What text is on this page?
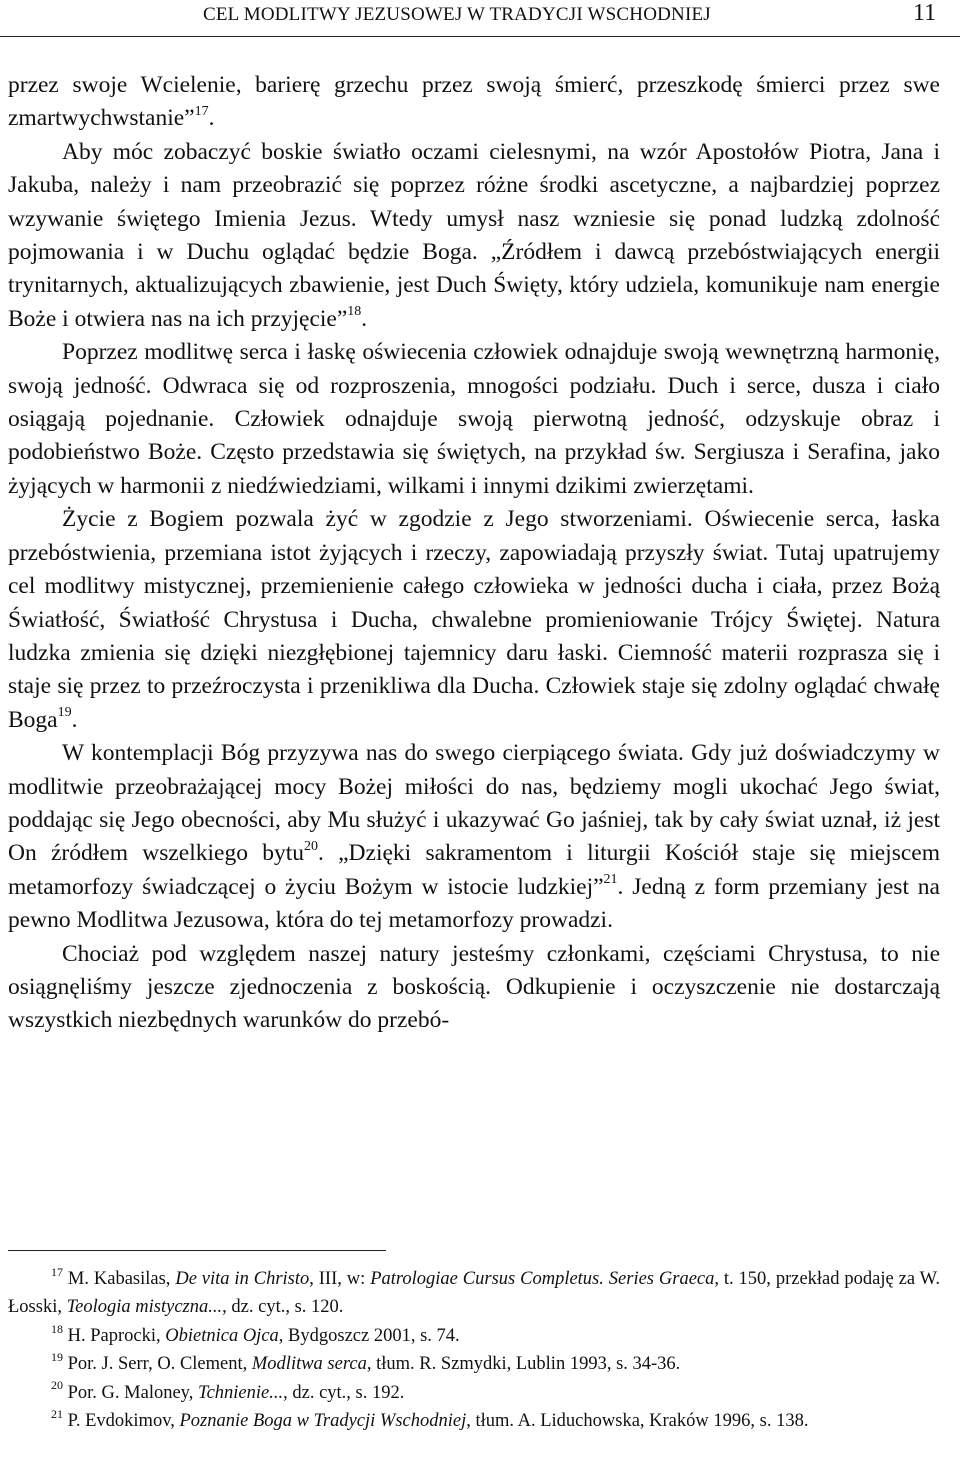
CEL MODLITWY JEZUSOWEJ W TRADYCJI WSCHODNIEJ	11

przez swoje Wcielenie, barierę grzechu przez swoją śmierć, przeszkodę śmierci przez swe zmartwychwstanie”$^{17}$.

Aby móc zobaczyć boskie światło oczami cielesnymi, na wzór Apostołów Piotra, Jana i Jakuba, należy i nam przeobrazić się poprzez różne środki ascetyczne, a najbardziej poprzez wzywanie świętego Imienia Jezus. Wtedy umysł nasz wzniesie się ponad ludzką zdolność pojmowania i w Duchu oglądać będzie Boga. „Źródłem i dawcą przebóstwiających energii trynitarnych, aktualizujących zbawienie, jest Duch Święty, który udziela, komunikuje nam energie Boże i otwiera nas na ich przyjęcie”$^{18}$.

Poprzez modlitwę serca i łaskę oświecenia człowiek odnajduje swoją wewnętrzną harmonię, swoją jedność. Odwraca się od rozproszenia, mnogości podziału. Duch i serce, dusza i ciało osiągają pojednanie. Człowiek odnajduje swoją pierwotną jedność, odzyskuje obraz i podobieństwo Boże. Często przedstawia się świętych, na przykład św. Sergiusza i Serafina, jako żyjących w harmonii z niedźwiedziami, wilkami i innymi dzikimi zwierzętami.

Życie z Bogiem pozwala żyć w zgodzie z Jego stworzeniami. Oświecenie serca, łaska przebóstwienia, przemiana istot żyjących i rzeczy, zapowiadają przyszły świat. Tutaj upatrujemy cel modlitwy mistycznej, przemienienie całego człowieka w jedności ducha i ciała, przez Bożą Światłość, Światłość Chrystusa i Ducha, chwalebne promieniowanie Trójcy Świętej. Natura ludzka zmienia się dzięki niezgłębionej tajemnicy daru łaski. Ciemność materii rozprasza się i staje się przez to przeźroczysta i przenikliwa dla Ducha. Człowiek staje się zdolny oglądać chwałę Boga$^{19}$.

W kontemplacji Bóg przyzywa nas do swego cierpiącego świata. Gdy już doświadczymy w modlitwie przeobrażającej mocy Bożej miłości do nas, będziemy mogli ukochać Jego świat, poddając się Jego obecności, aby Mu służyć i ukazywać Go jaśniej, tak by cały świat uznał, iż jest On źródłem wszelkiego bytu$^{20}$. „Dzięki sakramentom i liturgii Kościół staje się miejscem metamorfozy świadczącej o życiu Bożym w istocie ludzkiej”$^{21}$. Jedną z form przemiany jest na pewno Modlitwa Jezusowa, która do tej metamorfozy prowadzi.

Chociaż pod względem naszej natury jesteśmy członkami, częściami Chrystusa, to nie osiągnęliśmy jeszcze zjednoczenia z boskością. Odkupienie i oczyszczenie nie dostarczają wszystkich niezbędnych warunków do przebó-

$^{17}$ M. Kabasilas, De vita in Christo, III, w: Patrologiae Cursus Completus. Series Graeca, t. 150, przekład podaję za W. Łosski, Teologia mistyczna..., dz. cyt., s. 120.

$^{18}$ H. Paprocki, Obietnica Ojca, Bydgoszcz 2001, s. 74.

$^{19}$ Por. J. Serr, O. Clement, Modlitwa serca, tłum. R. Szmydki, Lublin 1993, s. 34-36.

$^{20}$ Por. G. Maloney, Tchnienie..., dz. cyt., s. 192.

$^{21}$ P. Evdokimov, Poznanie Boga w Tradycji Wschodniej, tłum. A. Liduchowska, Kraków 1996, s. 138.
